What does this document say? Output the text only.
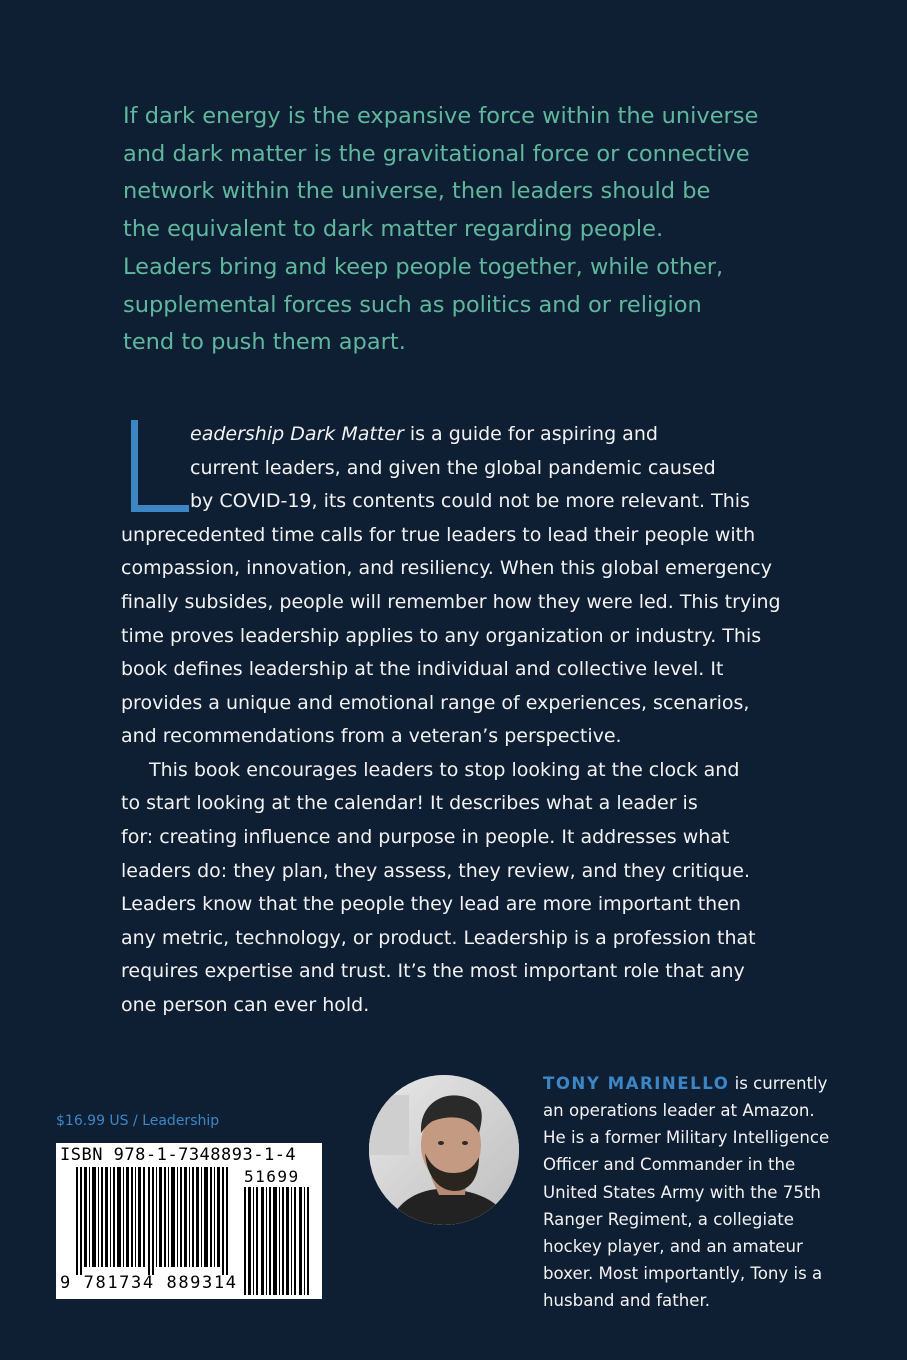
If dark energy is the expansive force within the universe
and dark matter is the gravitational force or connective
network within the universe, then leaders should be
the equivalent to dark matter regarding people.
Leaders bring and keep people together, while other,
supplemental forces such as politics and or religion
tend to push them apart.

eadership Dark Matter is a guide for aspiring and

current leaders, and given the global pandemic caused

by COVID-19, its contents could not be more relevant. This

unprecedented time calls for true leaders to lead their people with

compassion, innovation, and resiliency. When this global emergency

finally subsides, people will remember how they were led. This trying

time proves leadership applies to any organization or industry. This

book defines leadership at the individual and collective level. It

provides a unique and emotional range of experiences, scenarios,

and recommendations from a veteran’s perspective.

This book encourages leaders to stop looking at the clock and

to start looking at the calendar! It describes what a leader is

for: creating influence and purpose in people. It addresses what

leaders do: they plan, they assess, they review, and they critique.

Leaders know that the people they lead are more important then

any metric, technology, or product. Leadership is a profession that

requires expertise and trust. It’s the most important role that any

one person can ever hold.

$16.99 US / Leadership
ISBN 978-1-7348893-1-4
51699
9 781734 889314
TONY MARINELLO is currently
an operations leader at Amazon.
He is a former Military Intelligence
Officer and Commander in the
United States Army with the 75th
Ranger Regiment, a collegiate
hockey player, and an amateur
boxer. Most importantly, Tony is a
husband and father.
